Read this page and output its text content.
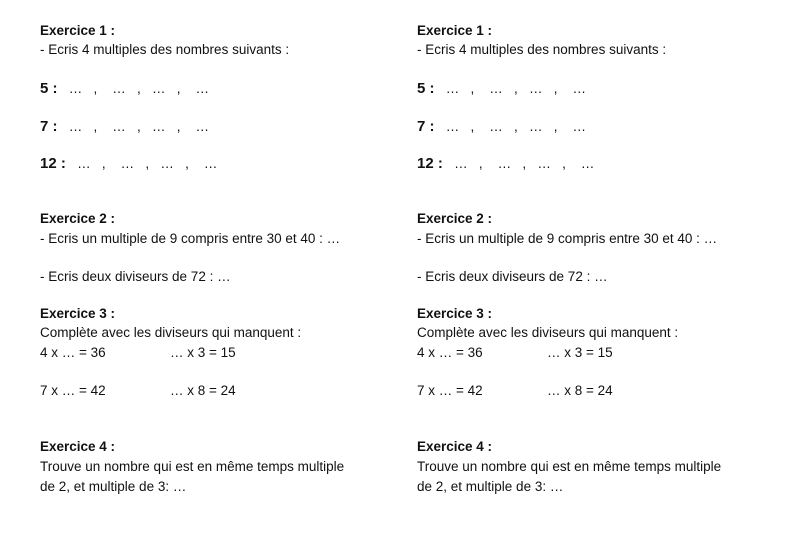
Exercice 1 :
- Ecris 4 multiples des nombres suivants :
5 :   …   ,    …   ,   …   ,    …
7 :   …   ,    …   ,   …   ,    …
12 :   …   ,    …   ,   …   ,    …
Exercice 2 :
- Ecris un multiple de 9 compris entre 30 et 40 : …
- Ecris deux diviseurs de 72 : …
Exercice 3 :
Complète avec les diviseurs qui manquent :
4 x … = 36	… x 3 = 15
7 x … = 42	… x 8 = 24
Exercice 4 :
Trouve un nombre qui est en même temps multiple
de 2, et multiple de 3: …
Exercice 1 :
- Ecris 4 multiples des nombres suivants :
5 :   …   ,    …   ,   …   ,    …
7 :   …   ,    …   ,   …   ,    …
12 :   …   ,    …   ,   …   ,    …
Exercice 2 :
- Ecris un multiple de 9 compris entre 30 et 40 : …
- Ecris deux diviseurs de 72 : …
Exercice 3 :
Complète avec les diviseurs qui manquent :
4 x … = 36	… x 3 = 15
7 x … = 42	… x 8 = 24
Exercice 4 :
Trouve un nombre qui est en même temps multiple
de 2, et multiple de 3: …
